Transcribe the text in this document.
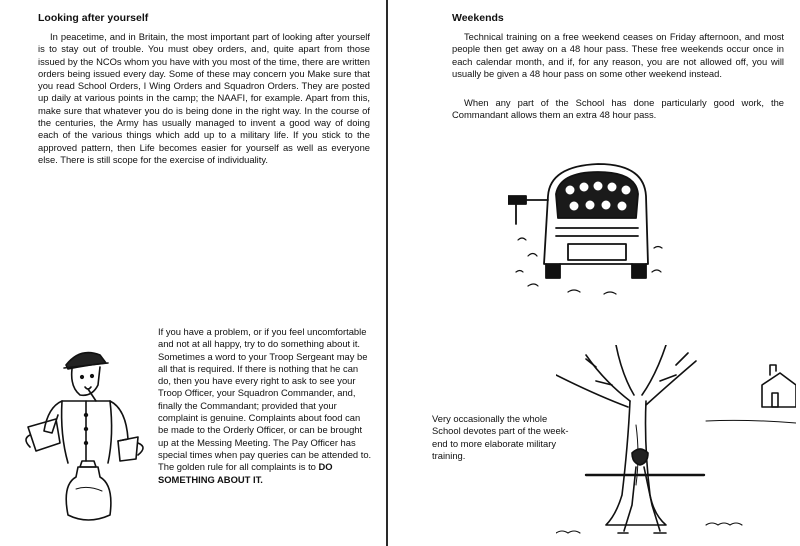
Looking after yourself

In peacetime, and in Britain, the most important part of looking after yourself is to stay out of trouble. You must obey orders, and, quite apart from those issued by the NCOs whom you have with you most of the time, there are written orders being issued every day. Some of these may concern you Make sure that you read School Orders, I Wing Orders and Squadron Orders. They are posted up daily at various points in the camp; the NAAFI, for example. Apart from this, make sure that whatever you do is being done in the right way. In the course of the centuries, the Army has usually managed to invent a good way of doing each of the various things which add up to a military life. If you stick to the approved pattern, then Life becomes easier for yourself as well as everyone else. There is still scope for the exercise of individuality.

If you have a problem, or if you feel uncomfortable and not at all happy, try to do something about it. Sometimes a word to your Troop Sergeant may be all that is required. If there is nothing that he can do, then you have every right to ask to see your Troop Officer, your Squadron Commander, and, finally the Commandant; provided that your complaint is genuine. Complaints about food can be made to the Orderly Officer, or can be brought up at the Messing Meeting. The Pay Officer has special times when pay queries can be attended to. The golden rule for all complaints is to DO SOMETHING ABOUT IT.

Weekends

Technical training on a free weekend ceases on Friday afternoon, and most people then get away on a 48 hour pass. These free weekends occur once in each calendar month, and if, for any reason, you are not allowed off, you will usually be given a 48 hour pass on some other weekend instead.

When any part of the School has done particularly good work, the Commandant allows them an extra 48 hour pass.

Very occasionally the whole School devotes part of the week-end to more elaborate military training.
